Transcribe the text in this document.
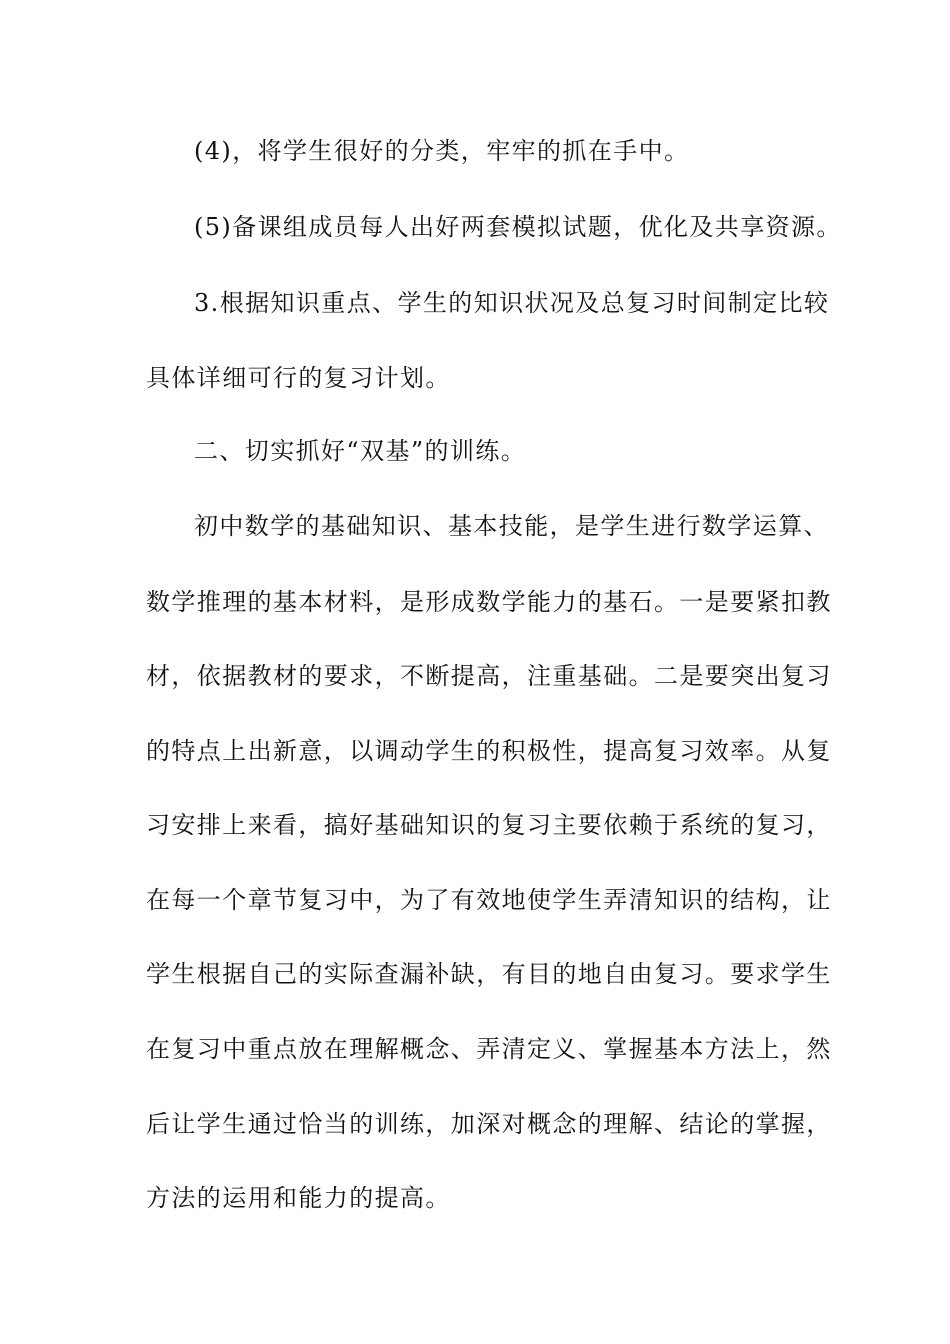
(4)，将学生很好的分类，牢牢的抓在手中。
(5)备课组成员每人出好两套模拟试题，优化及共享资源。
3.根据知识重点、学生的知识状况及总复习时间制定比较
具体详细可行的复习计划。
二、切实抓好“双基”的训练。
初中数学的基础知识、基本技能，是学生进行数学运算、
数学推理的基本材料，是形成数学能力的基石。一是要紧扣教
材，依据教材的要求，不断提高，注重基础。二是要突出复习
的特点上出新意，以调动学生的积极性，提高复习效率。从复
习安排上来看，搞好基础知识的复习主要依赖于系统的复习，
在每一个章节复习中，为了有效地使学生弄清知识的结构，让
学生根据自己的实际查漏补缺，有目的地自由复习。要求学生
在复习中重点放在理解概念、弄清定义、掌握基本方法上，然
后让学生通过恰当的训练，加深对概念的理解、结论的掌握，
方法的运用和能力的提高。
